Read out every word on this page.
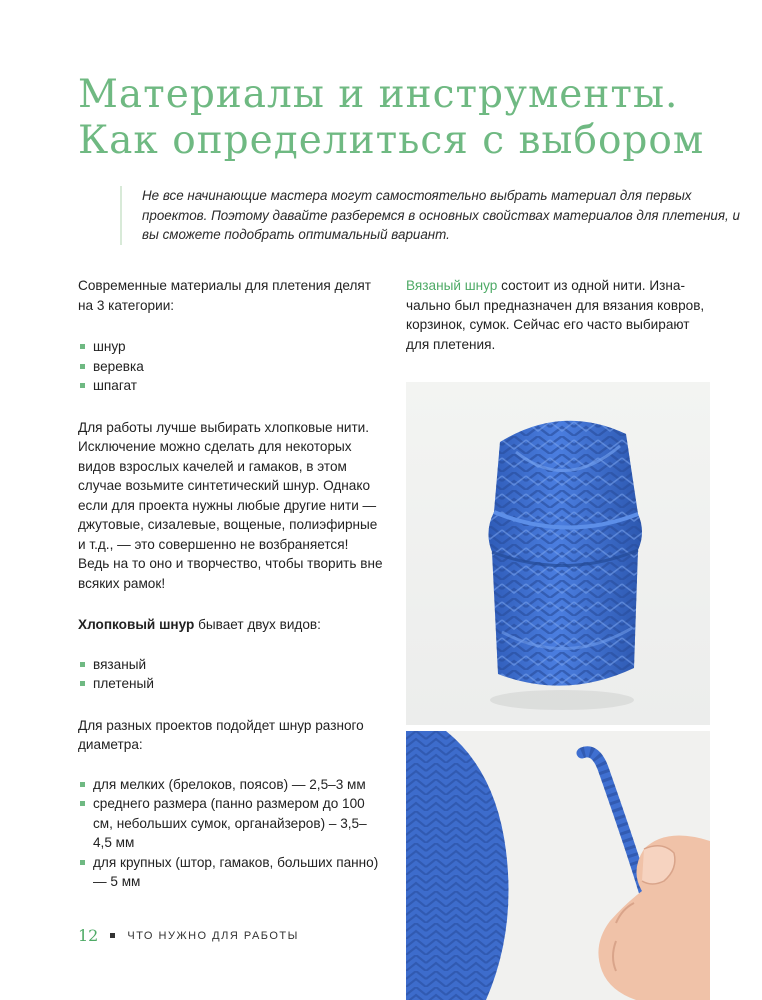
Материалы и инструменты.
Как определиться с выбором
Не все начинающие мастера могут самостоятельно выбрать материал для первых проектов. Поэтому давайте разберемся в основных свойствах материалов для плетения, и вы сможете подобрать оптимальный вариант.

Современные материалы для плетения делят на 3 категории:

шнур
веревка
шпагат

Для работы лучше выбирать хлопковые нити. Исключение можно сделать для некоторых видов взрослых качелей и гамаков, в этом случае возьмите синтетический шнур. Однако если для проекта нужны любые другие нити — джутовые, сизалевые, вощеные, полиэфирные и т.д., — это совершенно не возбраняется! Ведь на то оно и творчество, чтобы творить вне всяких рамок!

Хлопковый шнур бывает двух видов:

вязаный
плетеный

Для разных проектов подойдет шнур разного диаметра:

для мелких (брелоков, поясов) — 2,5–3 мм
среднего размера (панно размером до 100 см, небольших сумок, органайзеров) – 3,5–4,5 мм
для крупных (штор, гамаков, больших панно) — 5 мм

Вязаный шнур состоит из одной нити. Изначально был предназначен для вязания ковров, корзинок, сумок. Сейчас его часто выбирают для плетения.

12	ЧТО НУЖНО ДЛЯ РАБОТЫ
